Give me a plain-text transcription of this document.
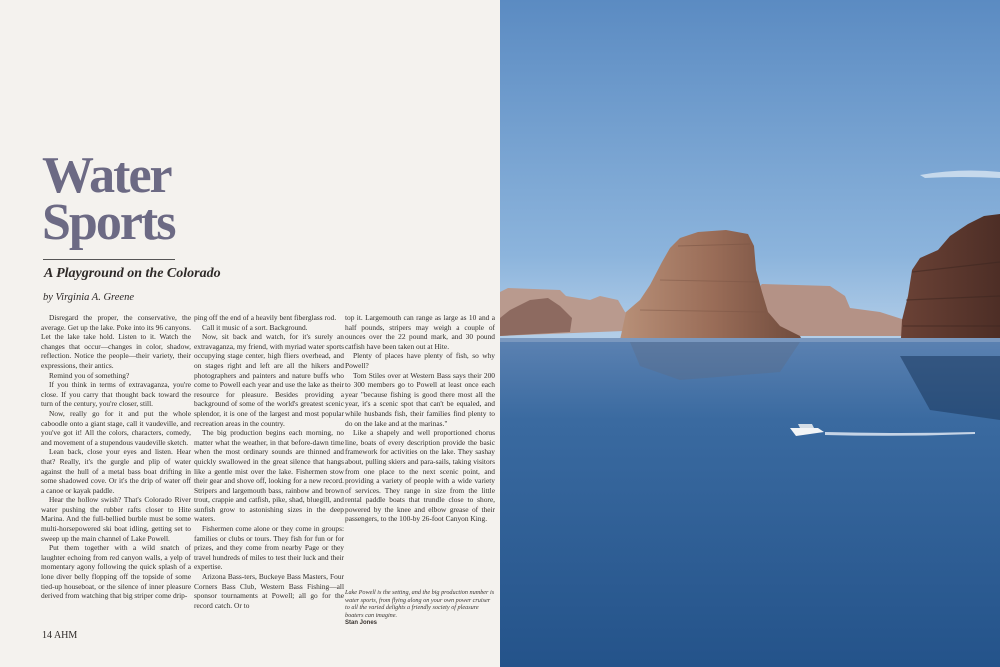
Water
Sports
A Playground on the Colorado

by Virginia A. Greene

Disregard the proper, the conservative, the average. Get up the lake. Poke into its 96 canyons. Let the lake take hold. Listen to it. Watch the changes that occur—changes in color, shadow, reflection. Notice the people—their variety, their expressions, their antics.

Remind you of something?

If you think in terms of extravaganza, you're close. If you carry that thought back toward the turn of the century, you're closer, still.

Now, really go for it and put the whole caboodle onto a giant stage, call it vaudeville, and you've got it! All the colors, characters, comedy, and movement of a stupendous vaudeville sketch.

Lean back, close your eyes and listen. Hear that? Really, it's the gurgle and plip of water against the hull of a metal bass boat drifting in some shadowed cove. Or it's the drip of water off a canoe or kayak paddle.

Hear the hollow swish? That's Colorado River water pushing the rubber rafts closer to Hite Marina. And the full-bellied burble must be some multi-horsepowered ski boat idling, getting set to sweep up the main channel of Lake Powell.

Put them together with a wild snatch of laughter echoing from red canyon walls, a yelp of momentary agony following the quick splash of a lone diver belly flopping off the topside of some tied-up houseboat, or the silence of inner pleasure derived from watching that big striper come drip-

ping off the end of a heavily bent fiberglass rod.

Call it music of a sort. Background.

Now, sit back and watch, for it's surely an extravaganza, my friend, with myriad water sports occupying stage center, high fliers overhead, and on stages right and left are all the hikers and photographers and painters and nature buffs who come to Powell each year and use the lake as their resource for pleasure. Besides providing a background of some of the world's greatest scenic splendor, it is one of the largest and most popular recreation areas in the country.

The big production begins each morning, no matter what the weather, in that before-dawn time when the most ordinary sounds are thinned and quickly swallowed in the great silence that hangs like a gentle mist over the lake. Fishermen stow their gear and shove off, looking for a new record. Stripers and largemouth bass, rainbow and brown trout, crappie and catfish, pike, shad, bluegill, and sunfish grow to astonishing sizes in the deep waters.

Fishermen come alone or they come in groups: families or clubs or tours. They fish for fun or for prizes, and they come from nearby Page or they travel hundreds of miles to test their luck and their expertise.

Arizona Bass-ters, Buckeye Bass Masters, Four Corners Bass Club, Western Bass Fishing—all sponsor tournaments at Powell; all go for the record catch. Or to

top it. Largemouth can range as large as 10 and a half pounds, stripers may weigh a couple of ounces over the 22 pound mark, and 30 pound catfish have been taken out at Hite.

Plenty of places have plenty of fish, so why Powell?

Tom Stiles over at Western Bass says their 200 to 300 members go to Powell at least once each year "because fishing is good there most all the year, it's a scenic spot that can't be equaled, and while husbands fish, their families find plenty to do on the lake and at the marinas."

Like a shapely and well proportioned chorus line, boats of every description provide the basic framework for activities on the lake. They sashay about, pulling skiers and para-sails, taking visitors from one place to the next scenic point, and providing a variety of people with a wide variety of services. They range in size from the little rental paddle boats that trundle close to shore, powered by the knee and elbow grease of their passengers, to the 100-by 26-foot Canyon King.

Lake Powell is the setting, and the big production number is water sports, from flying along on your own power cruiser to all the varied delights a friendly society of pleasure boaters can imagine.
Stan Jones
14 AHM
